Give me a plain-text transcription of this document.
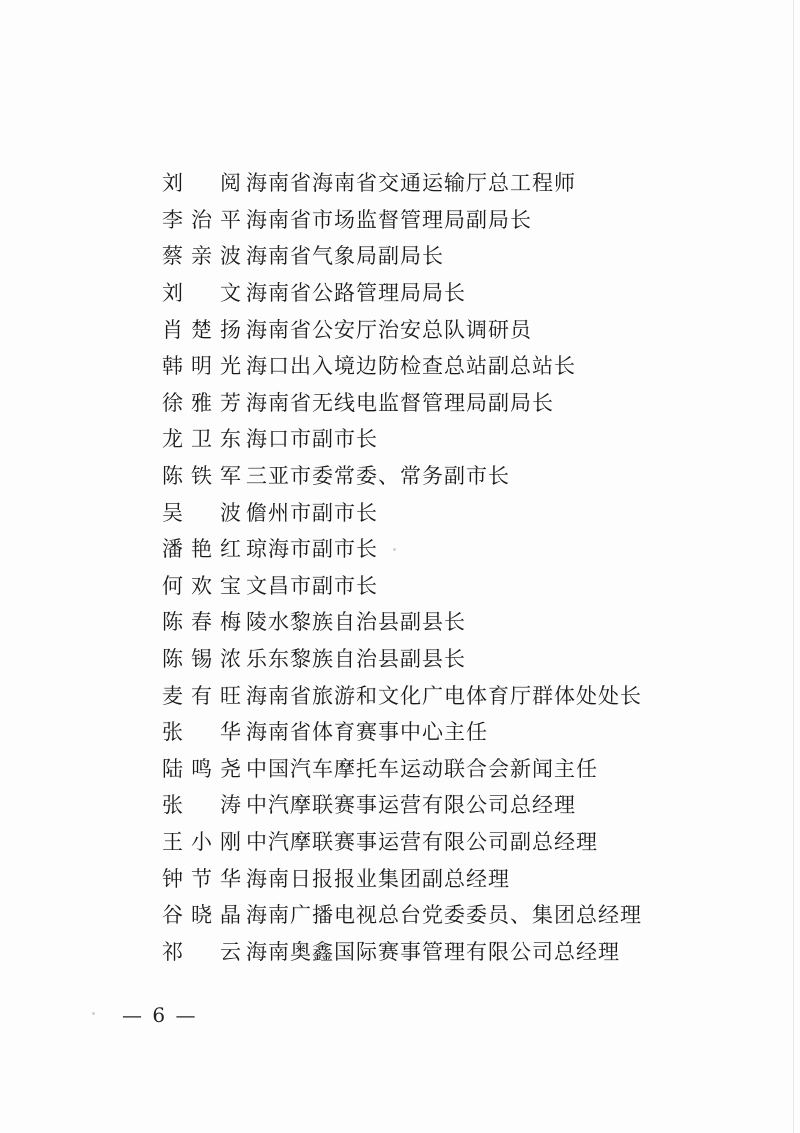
刘　阅 海南省海南省交通运输厅总工程师
李治平 海南省市场监督管理局副局长
蔡亲波 海南省气象局副局长
刘　文 海南省公路管理局局长
肖楚扬 海南省公安厅治安总队调研员
韩明光 海口出入境边防检查总站副总站长
徐雅芳 海南省无线电监督管理局副局长
龙卫东 海口市副市长
陈铁军 三亚市委常委、常务副市长
吴　波 儋州市副市长
潘艳红 琼海市副市长
何欢宝 文昌市副市长
陈春梅 陵水黎族自治县副县长
陈锡浓 乐东黎族自治县副县长
麦有旺 海南省旅游和文化广电体育厅群体处处长
张　华 海南省体育赛事中心主任
陆鸣尧 中国汽车摩托车运动联合会新闻主任
张　涛 中汽摩联赛事运营有限公司总经理
王小刚 中汽摩联赛事运营有限公司副总经理
钟节华 海南日报报业集团副总经理
谷晓晶 海南广播电视总台党委委员、集团总经理
祁　云 海南奥鑫国际赛事管理有限公司总经理
— 6 —
